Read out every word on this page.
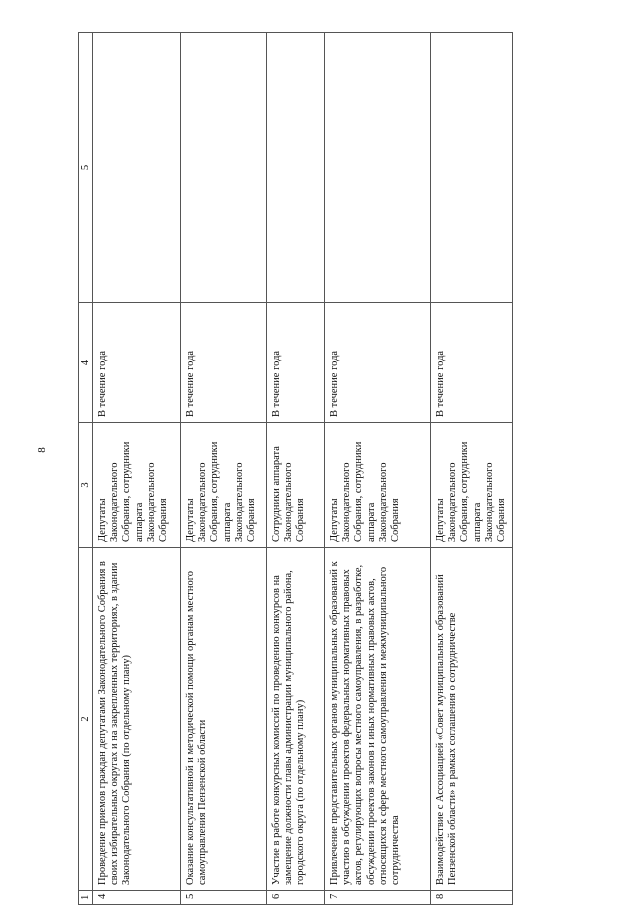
8
1	2	3	4	5
4	Проведение приемов граждан депутатами Законодательного Собрания в своих избирательных округах и на закрепленных территориях, в здании Законодательного Собрания (по отдельному плану)	Депутаты Законодательного Собрания, сотрудники аппарата Законодательного Собрания	В течение года	
5	Оказание консультативной и методической помощи органам местного самоуправления Пензенской области	Депутаты Законодательного Собрания, сотрудники аппарата Законодательного Собрания	В течение года	
6	Участие в работе конкурсных комиссий по проведению конкурсов на замещение должности главы администрации муниципального района, городского округа (по отдельному плану)	Сотрудники аппарата Законодательного Собрания	В течение года	
7	Привлечение представительных органов муниципальных образований к участию в обсуждении проектов федеральных нормативных правовых актов, регулирующих вопросы местного самоуправления, в разработке, обсуждении проектов законов и иных нормативных правовых актов, относящихся к сфере местного самоуправления и межмуниципального сотрудничества	Депутаты Законодательного Собрания, сотрудники аппарата Законодательного Собрания	В течение года	
8	Взаимодействие с Ассоциацией «Совет муниципальных образований Пензенской области» в рамках соглашения о сотрудничестве	Депутаты Законодательного Собрания, сотрудники аппарата Законодательного Собрания	В течение года	
